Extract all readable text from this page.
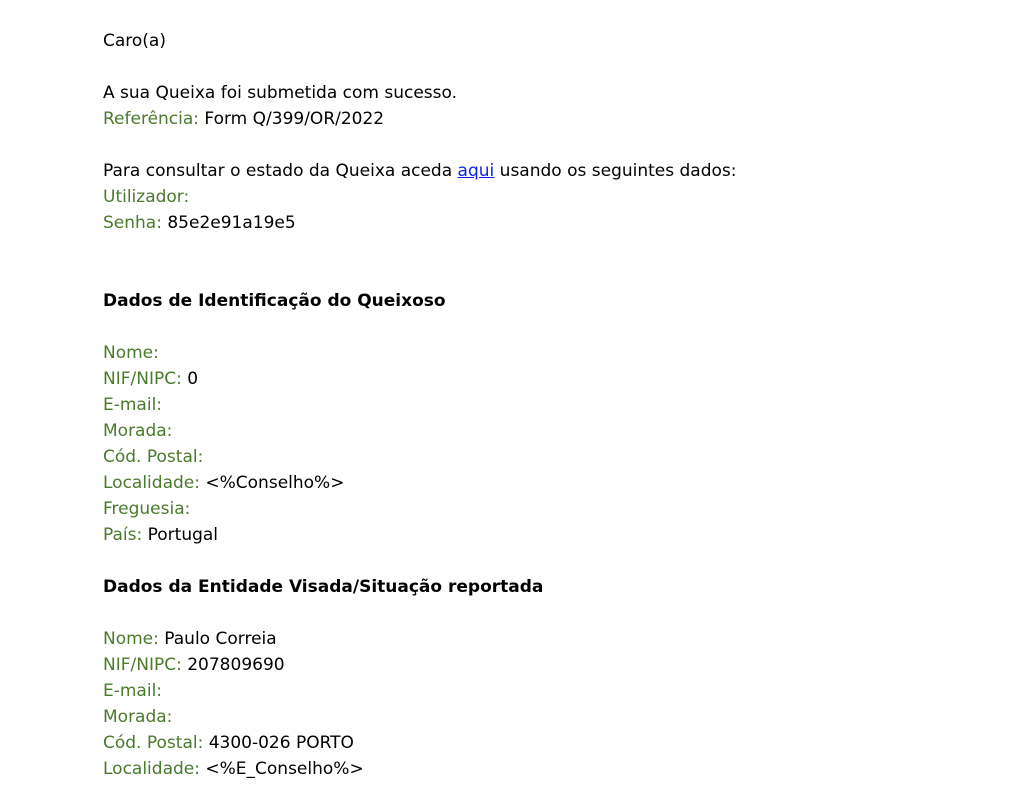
Caro(a)
A sua Queixa foi submetida com sucesso.
Referência: Form Q/399/OR/2022
Para consultar o estado da Queixa aceda aqui usando os seguintes dados:
Utilizador:
Senha: 85e2e91a19e5
Dados de Identificação do Queixoso
Nome:
NIF/NIPC: 0
E-mail:
Morada:
Cód. Postal:
Localidade: <%Conselho%>
Freguesia:
País: Portugal
Dados da Entidade Visada/Situação reportada
Nome: Paulo Correia
NIF/NIPC: 207809690
E-mail:
Morada:
Cód. Postal: 4300-026 PORTO
Localidade: <%E_Conselho%>
